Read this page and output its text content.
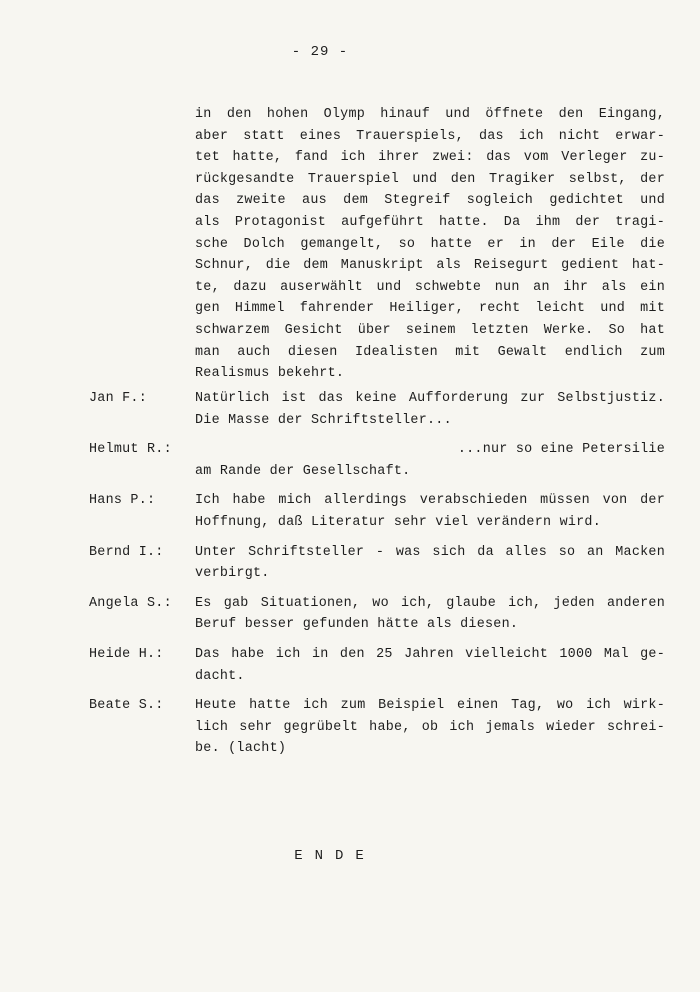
- 29 -
in den hohen Olymp hinauf und öffnete den Eingang,
aber statt eines Trauerspiels, das ich nicht erwar-
tet hatte, fand ich ihrer zwei: das vom Verleger zu-
rückgesandte Trauerspiel und den Tragiker selbst, der
das zweite aus dem Stegreif sogleich gedichtet und
als Protagonist aufgeführt hatte. Da ihm der tragi-
sche Dolch gemangelt, so hatte er in der Eile die
Schnur, die dem Manuskript als Reisegurt gedient hat-
te, dazu auserwählt und schwebte nun an ihr als ein
gen Himmel fahrender Heiliger, recht leicht und mit
schwarzem Gesicht über seinem letzten Werke. So hat
man auch diesen Idealisten mit Gewalt endlich zum
Realismus bekehrt.
Jan F.:	Natürlich ist das keine Aufforderung zur Selbstjustiz.
Die Masse der Schriftsteller...
Helmut R.:	...nur so eine Petersilie
am Rande der Gesellschaft.
Hans P.:	Ich habe mich allerdings verabschieden müssen von der
Hoffnung, daß Literatur sehr viel verändern wird.
Bernd I.: Unter Schriftsteller - was sich da alles so an Macken
verbirgt.
Angela S.: Es gab Situationen, wo ich, glaube ich, jeden anderen
Beruf besser gefunden hätte als diesen.
Heide H.: Das habe ich in den 25 Jahren vielleicht 1000 Mal ge-
dacht.
Beate S.: Heute hatte ich zum Beispiel einen Tag, wo ich wirk-
lich sehr gegrübelt habe, ob ich jemals wieder schrei-
be. (lacht)
ENDE
